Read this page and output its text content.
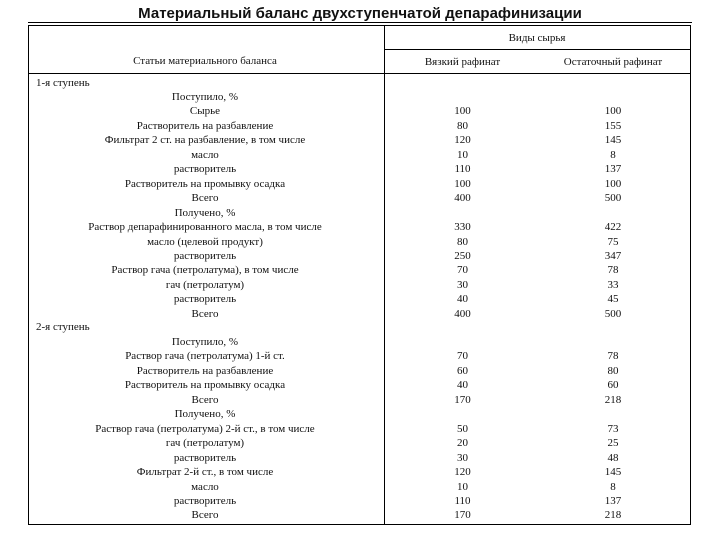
Материальный баланс двухступенчатой депарафинизации
Виды сырья
Статьи материального баланса	Вязкий рафинат	Остаточный рафинат
1-я ступень
2-я ступень
Поступило, %
Сырье
Растворитель на разбавление
Фильтрат 2 ст. на разбавление, в том числе
масло
растворитель
Растворитель на промывку осадка
Всего
Получено, %
Раствор депарафинированного масла, в том числе
масло (целевой продукт)
растворитель
Раствор гача (петролатума), в том числе
гач (петролатум)
растворитель
Всего

100
80
120
10
110
100
400

330
80
250
70
30
40
400

100
155
145
8
137
100
500

422
75
347
78
33
45
500
Поступило, %
Раствор гача (петролатума) 1-й ст.
Растворитель на разбавление
Растворитель на промывку осадка
Всего
Получено, %
Раствор гача (петролатума) 2-й ст., в том числе
гач (петролатум)
растворитель
Фильтрат 2-й ст., в том числе
масло
растворитель
Всего

70
60
40
170

50
20
30
120
10
110
170

78
80
60
218

73
25
48
145
8
137
218
